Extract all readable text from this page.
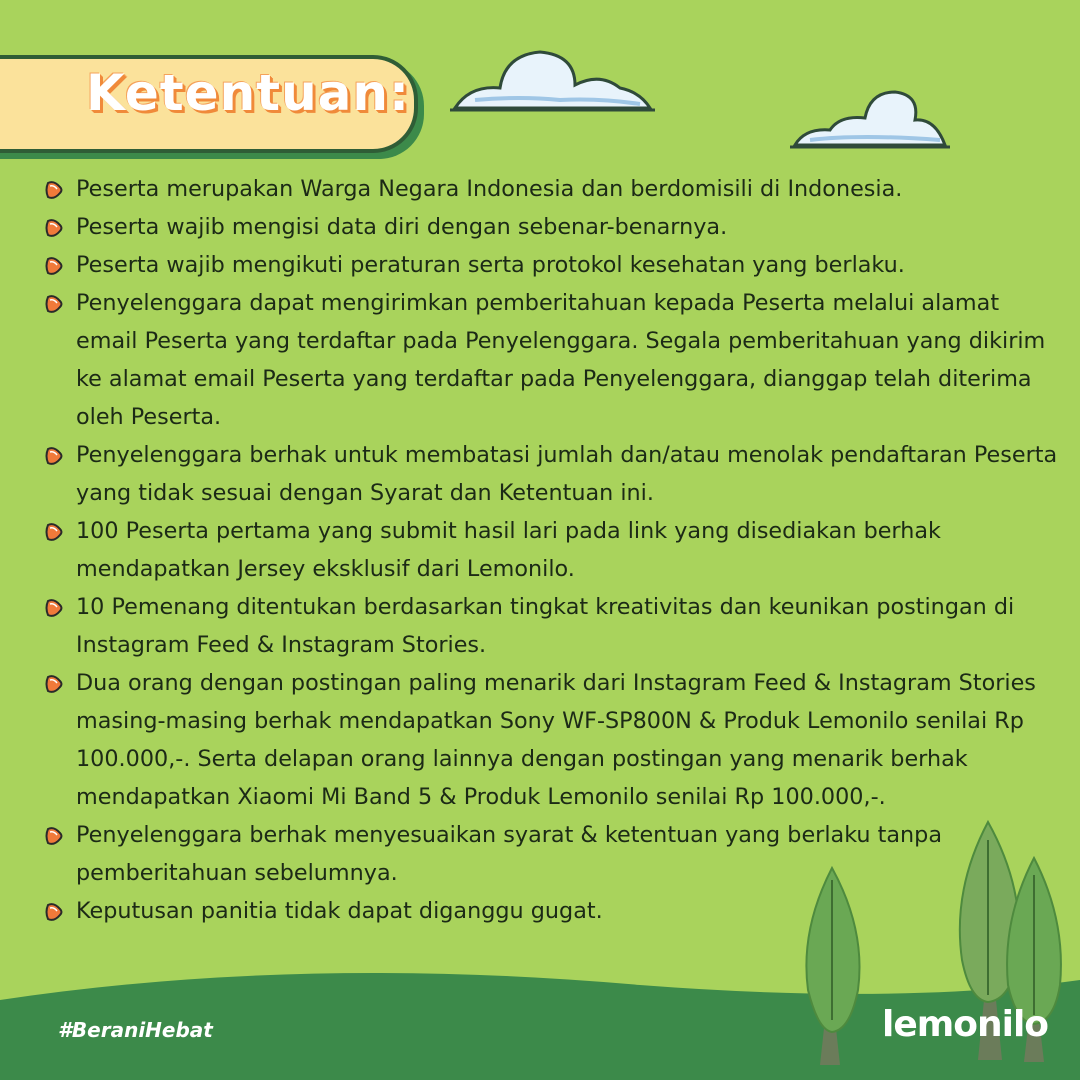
Ketentuan:
Peserta merupakan Warga Negara Indonesia dan berdomisili di Indonesia.
Peserta wajib mengisi data diri dengan sebenar-benarnya.
Peserta wajib mengikuti peraturan serta protokol kesehatan yang berlaku.
Penyelenggara dapat mengirimkan pemberitahuan kepada Peserta melalui alamat email Peserta yang terdaftar pada Penyelenggara. Segala pemberitahuan yang dikirim ke alamat email Peserta yang terdaftar pada Penyelenggara, dianggap telah diterima oleh Peserta.
Penyelenggara berhak untuk membatasi jumlah dan/atau menolak pendaftaran Peserta yang tidak sesuai dengan Syarat dan Ketentuan ini.
100 Peserta pertama yang submit hasil lari pada link yang disediakan berhak mendapatkan Jersey eksklusif dari Lemonilo.
10 Pemenang ditentukan berdasarkan tingkat kreativitas dan keunikan postingan di Instagram Feed & Instagram Stories.
Dua orang dengan postingan paling menarik dari Instagram Feed & Instagram Stories masing-masing berhak mendapatkan Sony WF-SP800N & Produk Lemonilo senilai Rp 100.000,-. Serta delapan orang lainnya dengan postingan yang menarik berhak mendapatkan Xiaomi Mi Band 5 & Produk Lemonilo senilai Rp 100.000,-.
Penyelenggara berhak menyesuaikan syarat & ketentuan yang berlaku tanpa pemberitahuan sebelumnya.
Keputusan panitia tidak dapat diganggu gugat.
#BeraniHebat	lemonilo
